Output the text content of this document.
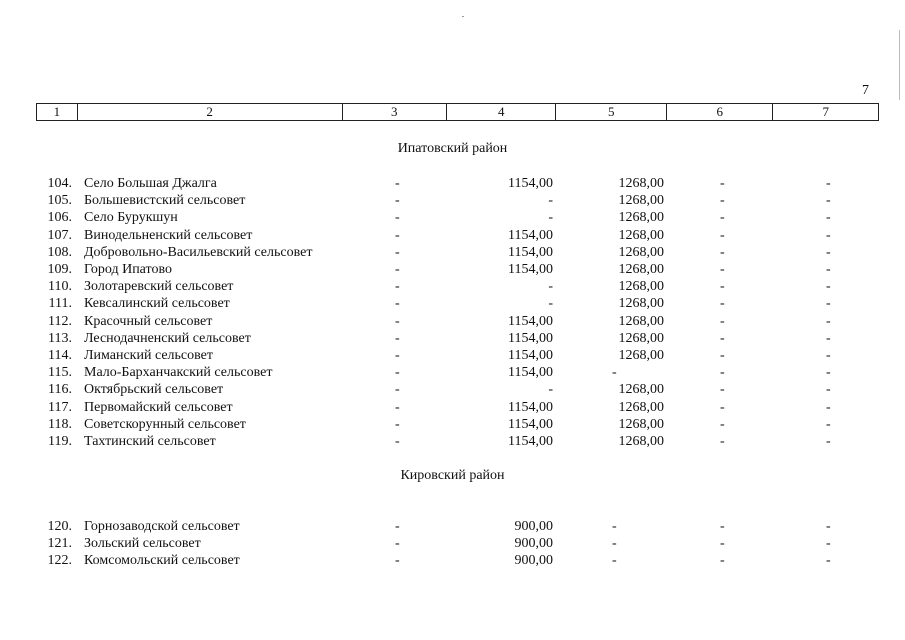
7
1	2	3	4	5	6	7
Ипатовский район
104. Село Большая Джалга	-	1154,00	1268,00	-	-
105. Большевистский сельсовет	-	-	1268,00	-	-
106. Село Бурукшун	-	-	1268,00	-	-
107. Винодельненский сельсовет	-	1154,00	1268,00	-	-
108. Добровольно-Васильевский сельсовет	-	1154,00	1268,00	-	-
109. Город Ипатово	-	1154,00	1268,00	-	-
110. Золотаревский сельсовет	-	-	1268,00	-	-
111. Кевсалинский сельсовет	-	-	1268,00	-	-
112. Красочный сельсовет	-	1154,00	1268,00	-	-
113. Леснодачненский сельсовет	-	1154,00	1268,00	-	-
114. Лиманский сельсовет	-	1154,00	1268,00	-	-
115. Мало-Барханчакский сельсовет	-	1154,00	-	-	-
116. Октябрьский сельсовет	-	-	1268,00	-	-
117. Первомайский сельсовет	-	1154,00	1268,00	-	-
118. Советскорунный сельсовет	-	1154,00	1268,00	-	-
119. Тахтинский сельсовет	-	1154,00	1268,00	-	-
Кировский район
120. Горнозаводской сельсовет	-	900,00	-	-	-
121. Зольский сельсовет	-	900,00	-	-	-
122. Комсомольский сельсовет	-	900,00	-	-	-
